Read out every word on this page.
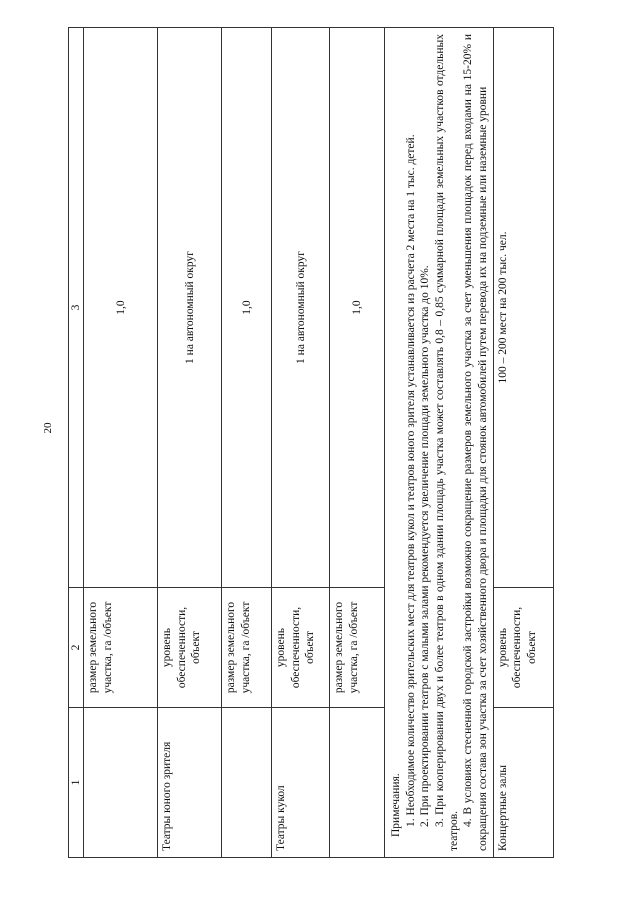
20
1	2	3
	размер земельного участка, га /объект	1,0
Театры юного зрителя	уровень обеспеченности, объект	1 на автономный округ
	размер земельного участка, га /объект	1,0
Театры кукол	уровень обеспеченности, объект	1 на автономный округ
	размер земельного участка, га /объект	1,0

Примечания. 1. Необходимое количество зрительских мест для театров кукол и театров юного зрителя устанавливается из расчета 2 места на 1 тыс. детей. 2. При проектировании театров с малыми залами рекомендуется увеличение площади земельного участка до 10%. 3. При кооперировании двух и более театров в одном здании площадь участка может составлять 0,8 – 0,85 суммарной площади земельных участков отдельных театров.

4. В условиях стесненной городской застройки возможно сокращение размеров земельного участка за счет уменьшения площадок перед входами на 15-20% и сокращения состава зон участка за счет хозяйственного двора и площадки для стоянок автомобилей путем перевода их на подземные или наземные уровни		

Концертные залы	уровень обеспеченности, объект	100 – 200 мест на 200 тыс. чел.
